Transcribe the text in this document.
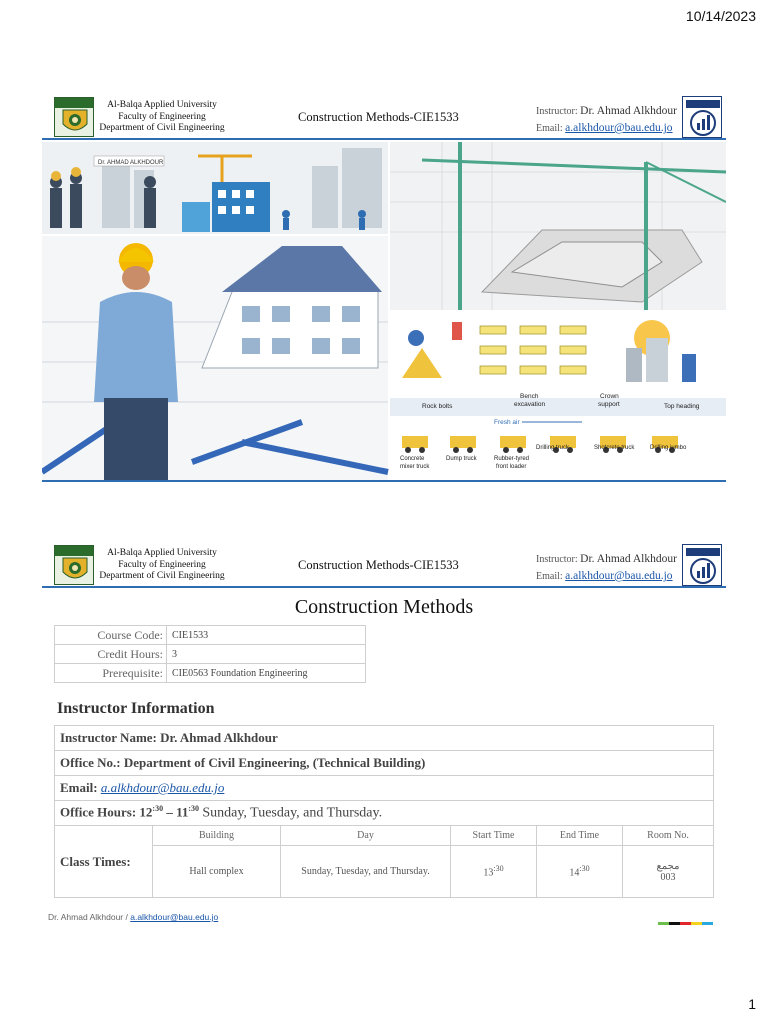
10/14/2023
Al-Balqa Applied University
Faculty of Engineering
Department of Civil Engineering
Construction Methods-CIE1533	Instructor: Dr. Ahmad Alkhdour
Email: a.alkhdour@bau.edu.jo
Dr. AHMAD ALKHDOUR
Rock bolts
Bench
excavation
Crown
support	Top heading
Fresh air
Concrete
mixer truck
Dump truck	Rubber-tyred
front loader
Drilling truck	Shotcrete truck	Drilling jumbo
Al-Balqa Applied University
Faculty of Engineering
Department of Civil Engineering
Construction Methods-CIE1533	Instructor: Dr. Ahmad Alkhdour
Email: a.alkhdour@bau.edu.jo
Construction Methods
Course Code:	CIE1533
Credit Hours:	3
Prerequisite:	CIE0563 Foundation Engineering
Instructor Information
Instructor Name: Dr. Ahmad Alkhdour					
Office No.: Department of Civil Engineering, (Technical Building)					
Email: a.alkhdour@bau.edu.jo					
Office Hours: $12^{:30} - 11^{:30}$ Sunday, Tuesday, and Thursday.					
Class Times:	Building	Day	Start Time	End Time	Room No.
	Hall complex	Sunday, Tuesday, and Thursday.	$13^{:30}$	$14^{:30}$	مجمع
003
Dr. Ahmad Alkhdour / a.alkhdour@bau.edu.jo
1
